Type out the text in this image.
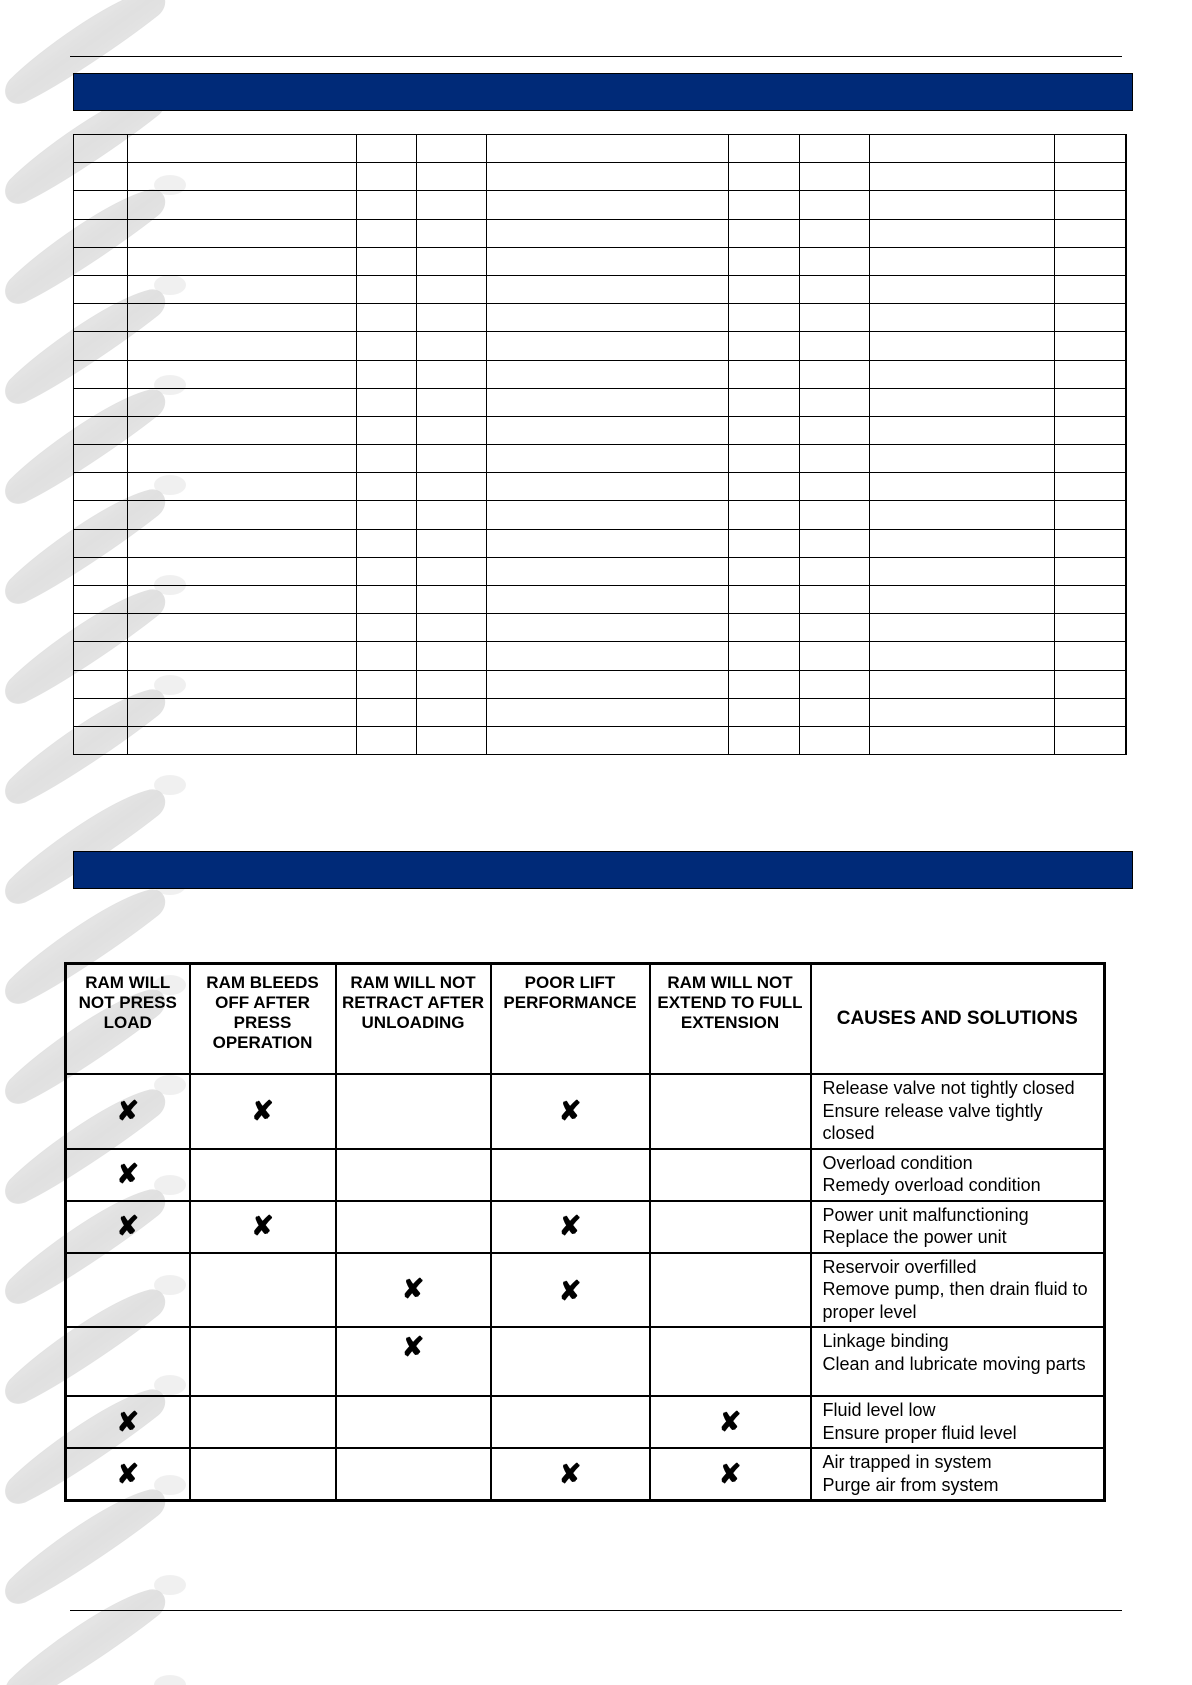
RAM WILL NOT PRESS LOAD	RAM BLEEDS OFF AFTER PRESS OPERATION	RAM WILL NOT RETRACT AFTER UNLOADING	POOR LIFT PERFORMANCE	RAM WILL NOT EXTEND TO FULL EXTENSION	CAUSES AND SOLUTIONS
✘	✘		✘		Release valve not tightly closed
Ensure release valve tightly closed

✘					Overload condition
Remedy overload condition

✘	✘		✘		Power unit malfunctioning
Replace the power unit

		✘	✘		Reservoir overfilled
Remove pump, then drain fluid to proper level

		✘			Linkage binding
Clean and lubricate moving parts

✘				✘	Fluid level low
Ensure proper fluid level

✘			✘	✘	Air trapped in system
Purge air from system
